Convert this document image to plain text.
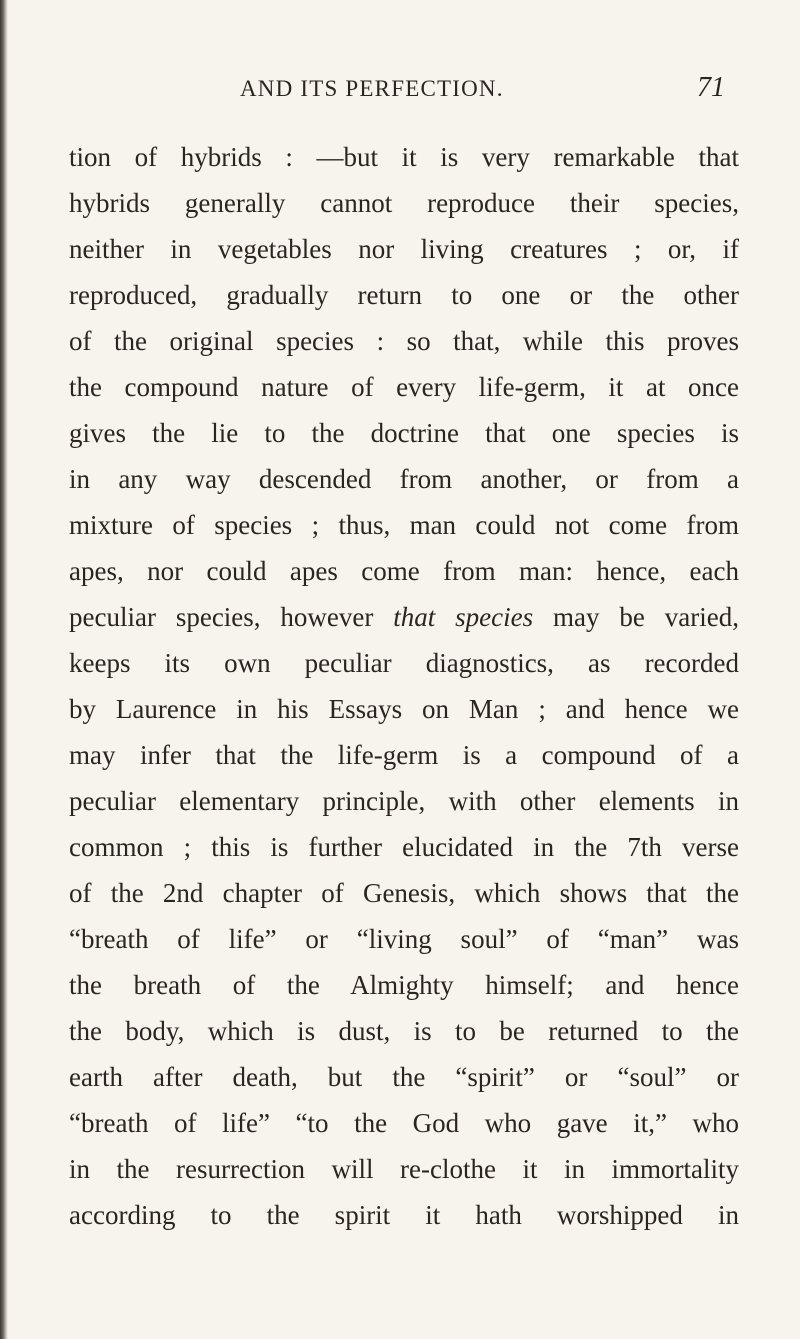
AND ITS PERFECTION.	71
tion of hybrids : —but it is very remarkable that
hybrids generally cannot reproduce their species,
neither in vegetables nor living creatures ; or, if
reproduced, gradually return to one or the other
of the original species : so that, while this proves
the compound nature of every life-germ, it at once
gives the lie to the doctrine that one species is
in any way descended from another, or from a
mixture of species ; thus, man could not come from
apes, nor could apes come from man: hence, each
peculiar species, however that species may be varied,
keeps its own peculiar diagnostics, as recorded
by Laurence in his Essays on Man ; and hence we
may infer that the life-germ is a compound of a
peculiar elementary principle, with other elements in
common ; this is further elucidated in the 7th verse
of the 2nd chapter of Genesis, which shows that the
“breath of life” or “living soul” of “man” was
the breath of the Almighty himself; and hence
the body, which is dust, is to be returned to the
earth after death, but the “spirit” or “soul” or
“breath of life” “to the God who gave it,” who
in the resurrection will re-clothe it in immortality
according to the spirit it hath worshipped in
